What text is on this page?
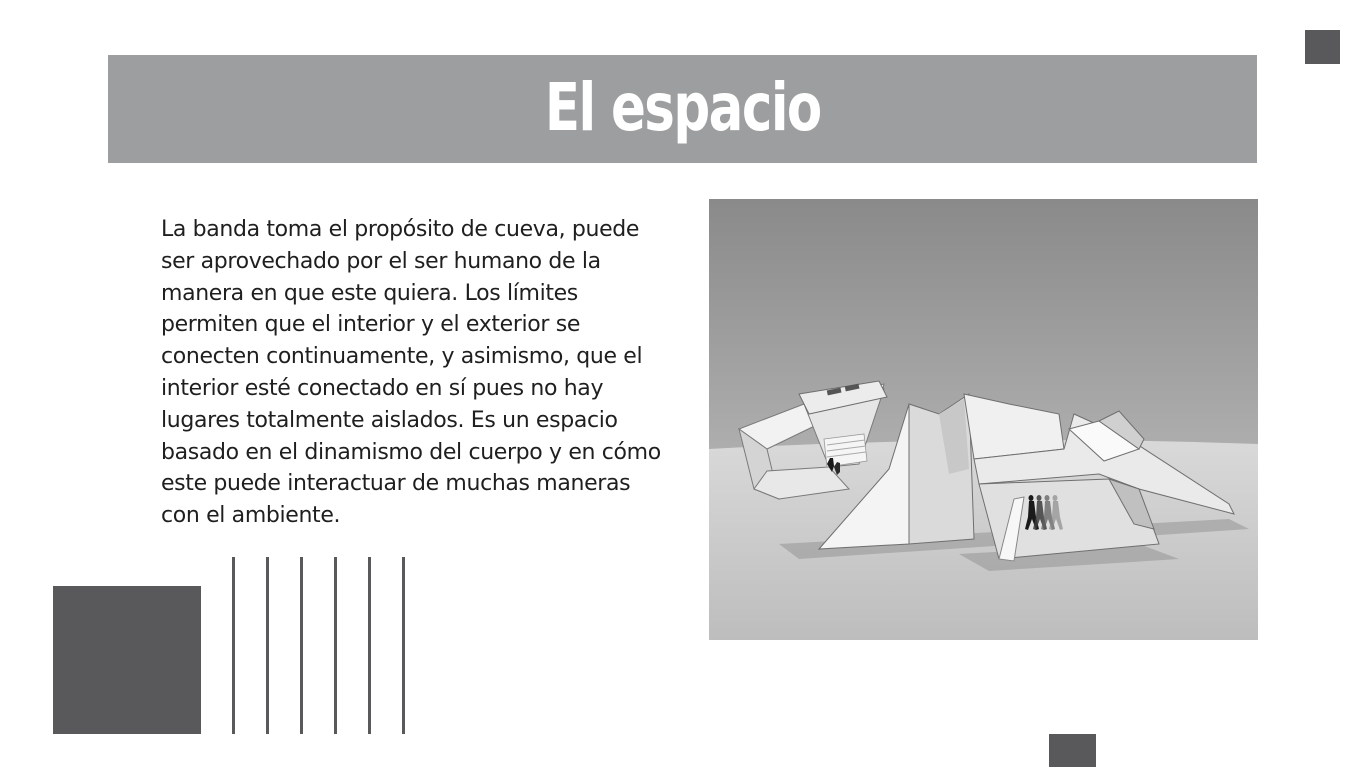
El espacio

La banda toma el propósito de cueva, puede ser aprovechado por el ser humano de la manera en que este quiera. Los límites permiten que el interior y el exterior se conecten continuamente, y asimismo, que el interior esté conectado en sí pues no hay lugares totalmente aislados. Es un espacio basado en el dinamismo del cuerpo y en cómo este puede interactuar de muchas maneras con el ambiente.
